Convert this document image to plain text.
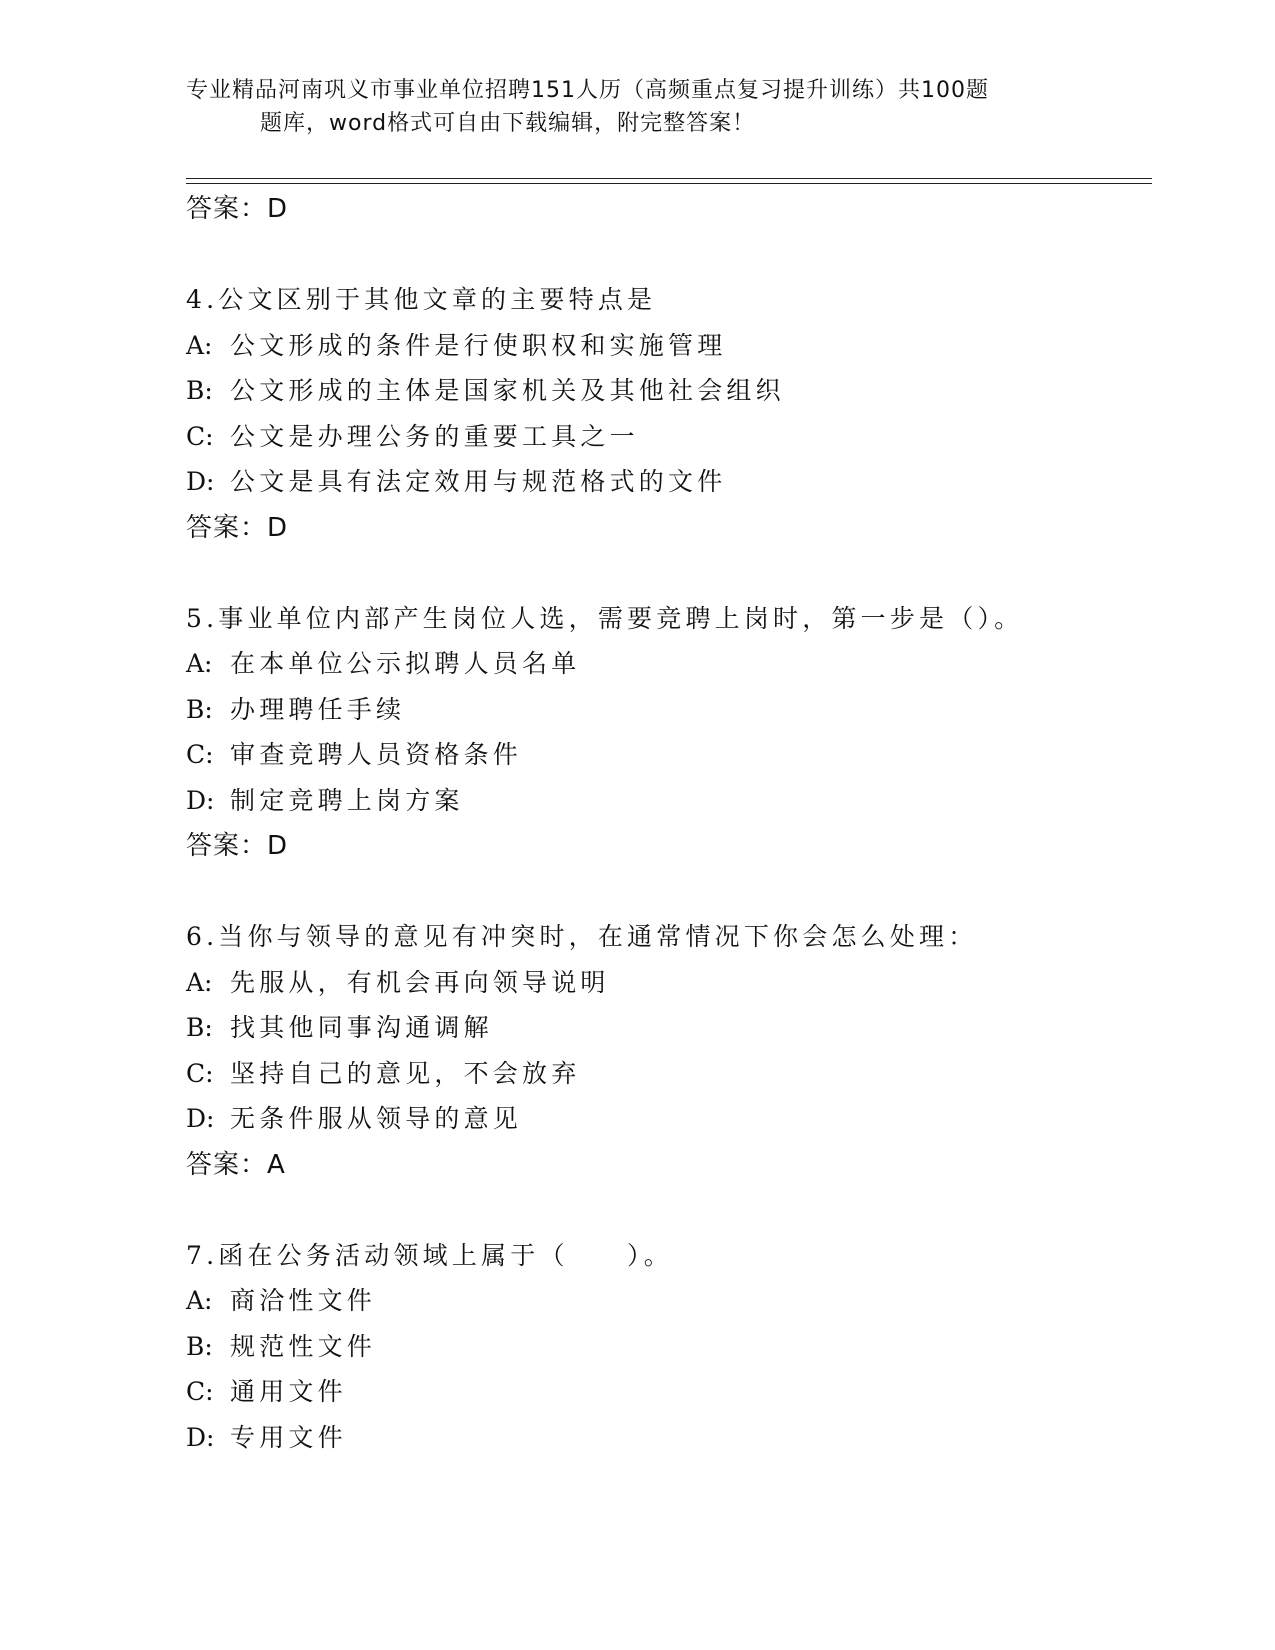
专业精品河南巩义市事业单位招聘151人历（高频重点复习提升训练）共100题
题库，word格式可自由下载编辑，附完整答案！
答案：D
4.公文区别于其他文章的主要特点是
A: 公文形成的条件是行使职权和实施管理
B: 公文形成的主体是国家机关及其他社会组织
C: 公文是办理公务的重要工具之一
D: 公文是具有法定效用与规范格式的文件
答案：D
5.事业单位内部产生岗位人选，需要竞聘上岗时，第一步是（）。
A: 在本单位公示拟聘人员名单
B: 办理聘任手续
C: 审查竞聘人员资格条件
D: 制定竞聘上岗方案
答案：D
6.当你与领导的意见有冲突时，在通常情况下你会怎么处理：
A: 先服从，有机会再向领导说明
B: 找其他同事沟通调解
C: 坚持自己的意见，不会放弃
D: 无条件服从领导的意见
答案：A
7.函在公务活动领域上属于（　　）。
A: 商洽性文件
B: 规范性文件
C: 通用文件
D: 专用文件
